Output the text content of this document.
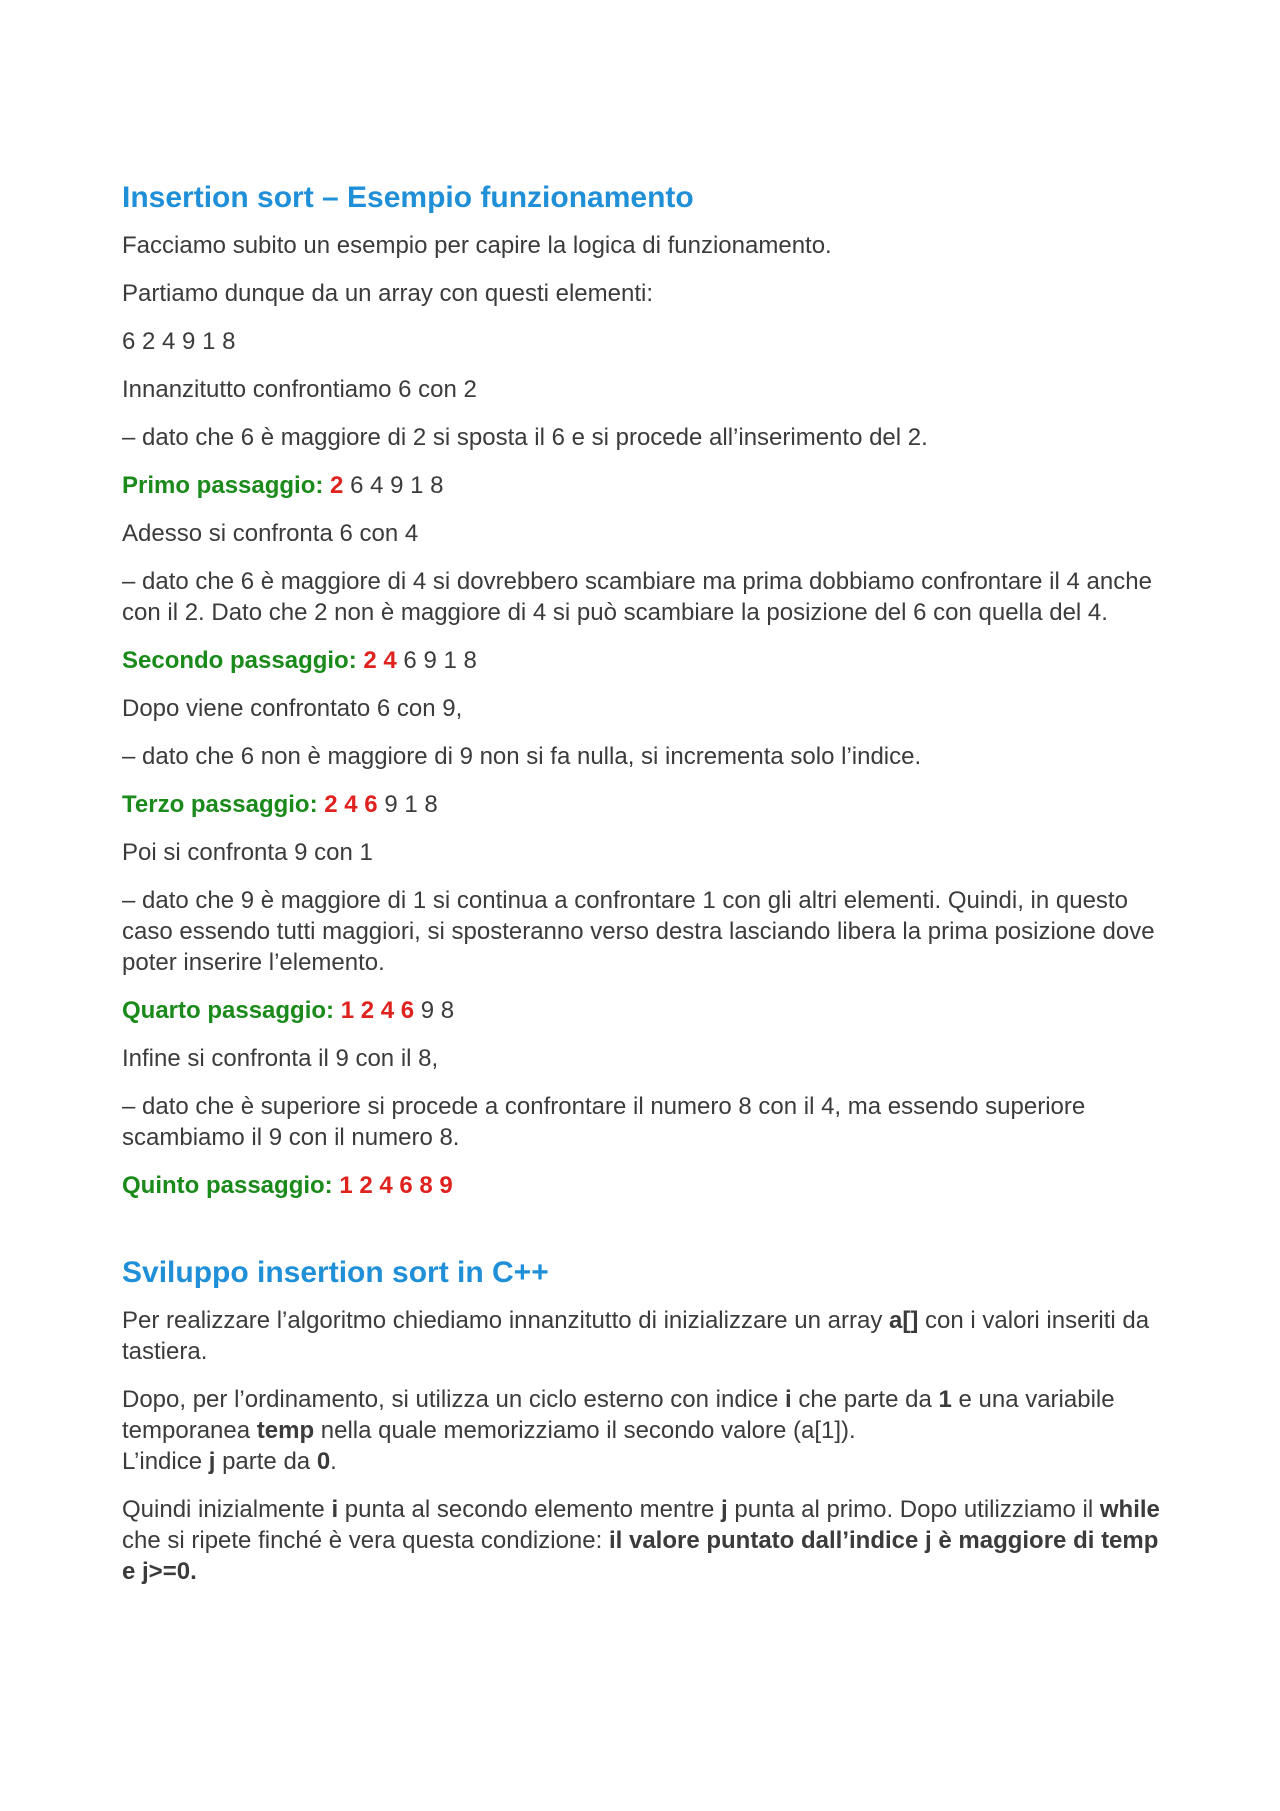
Insertion sort – Esempio funzionamento

Facciamo subito un esempio per capire la logica di funzionamento.

Partiamo dunque da un array con questi elementi:

6 2 4 9 1 8

Innanzitutto confrontiamo 6 con 2

– dato che 6 è maggiore di 2 si sposta il 6 e si procede all’inserimento del 2.

Primo passaggio: 2 6 4 9 1 8

Adesso si confronta 6 con 4

– dato che 6 è maggiore di 4 si dovrebbero scambiare ma prima dobbiamo confrontare il 4 anche con il 2. Dato che 2 non è maggiore di 4 si può scambiare la posizione del 6 con quella del 4.

Secondo passaggio: 2 4 6 9 1 8

Dopo viene confrontato 6 con 9,

– dato che 6 non è maggiore di 9 non si fa nulla, si incrementa solo l’indice.

Terzo passaggio: 2 4 6 9 1 8

Poi si confronta 9 con 1

– dato che 9 è maggiore di 1 si continua a confrontare 1 con gli altri elementi. Quindi, in questo caso essendo tutti maggiori, si sposteranno verso destra lasciando libera la prima posizione dove poter inserire l’elemento.

Quarto passaggio: 1 2 4 6 9 8

Infine si confronta il 9 con il 8,

– dato che è superiore si procede a confrontare il numero 8 con il 4, ma essendo superiore scambiamo il 9 con il numero 8.

Quinto passaggio: 1 2 4 6 8 9

Sviluppo insertion sort in C++

Per realizzare l’algoritmo chiediamo innanzitutto di inizializzare un array a[] con i valori inseriti da tastiera.

Dopo, per l’ordinamento, si utilizza un ciclo esterno con indice i che parte da 1 e una variabile temporanea temp nella quale memorizziamo il secondo valore (a[1]).
L’indice j parte da 0.

Quindi inizialmente i punta al secondo elemento mentre j punta al primo. Dopo utilizziamo il while che si ripete finché è vera questa condizione: il valore puntato dall’indice j è maggiore di temp e j>=0.
